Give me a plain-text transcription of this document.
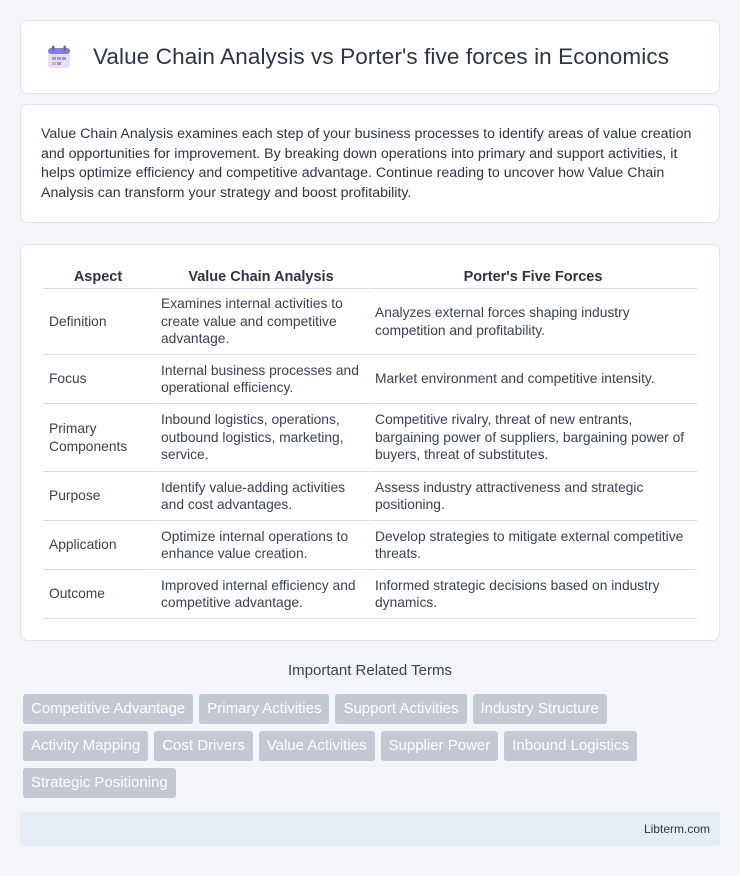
Value Chain Analysis vs Porter's five forces in Economics

Value Chain Analysis examines each step of your business processes to identify areas of value creation and opportunities for improvement. By breaking down operations into primary and support activities, it helps optimize efficiency and competitive advantage. Continue reading to uncover how Value Chain Analysis can transform your strategy and boost profitability.

Aspect	Value Chain Analysis	Porter's Five Forces
Definition	Examines internal activities to create value and competitive advantage.	Analyzes external forces shaping industry competition and profitability.
Focus	Internal business processes and operational efficiency.	Market environment and competitive intensity.
Primary Components	Inbound logistics, operations, outbound logistics, marketing, service.	Competitive rivalry, threat of new entrants, bargaining power of suppliers, bargaining power of buyers, threat of substitutes.
Purpose	Identify value-adding activities and cost advantages.	Assess industry attractiveness and strategic positioning.
Application	Optimize internal operations to enhance value creation.	Develop strategies to mitigate external competitive threats.
Outcome	Improved internal efficiency and competitive advantage.	Informed strategic decisions based on industry dynamics.
Important Related Terms
Competitive Advantage	Primary Activities	Support Activities	Industry Structure
Activity Mapping	Cost Drivers	Value Activities	Supplier Power	Inbound Logistics
Strategic Positioning
Libterm.com
